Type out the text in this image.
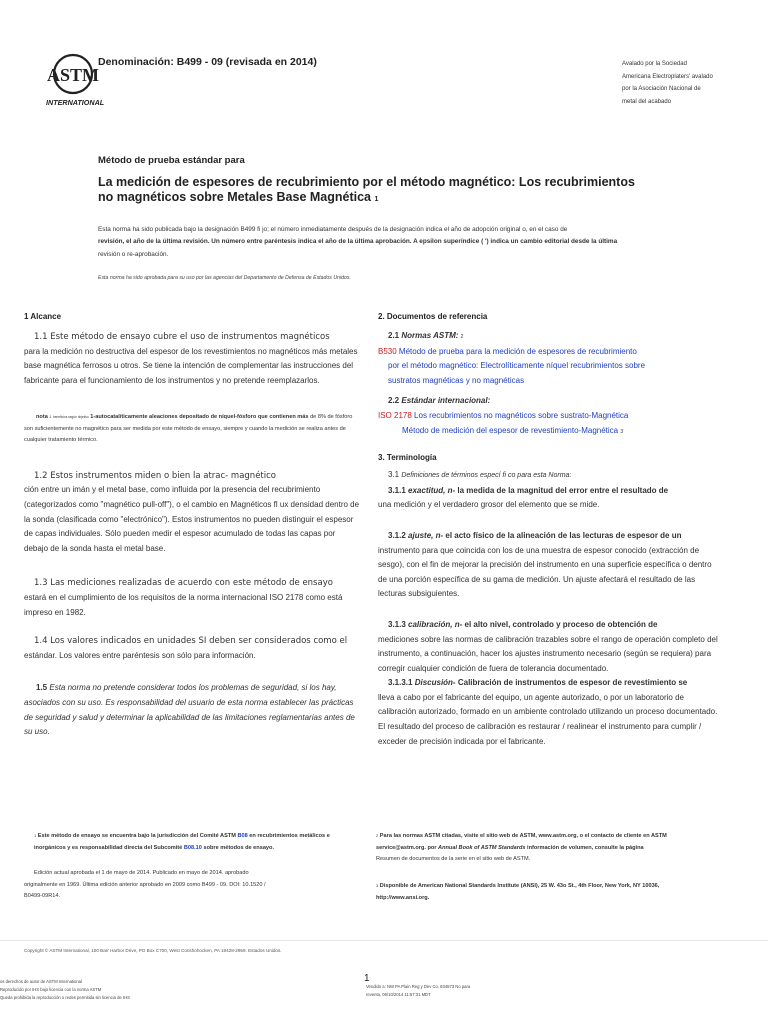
ASTM
INTERNATIONAL
Denominación: B499 - 09 (revisada en 2014)	Avalado por la Sociedad
Americana Electroplaters' avalado
por la Asociación Nacional de
metal del acabado
Método de prueba estándar para
La medición de espesores de recubrimiento por el método magnético: Los recubrimientos no magnéticos sobre Metales Base Magnética 1
Esta norma ha sido publicada bajo la designación B499 fi jo; el número inmediatamente después de la designación indica el año de adopción original o, en el caso de
revisión, el año de la última revisión. Un número entre paréntesis indica el año de la última aprobación. A epsilon superíndice ( ') indica un cambio editorial desde la última
revisión o re-aprobación.
Esta norma ha sido aprobada para su uso por las agencias del Departamento de Defensa de Estados Unidos.
1 Alcance
1.1 Este método de ensayo cubre el uso de instrumentos magnéticos
para la medición no destructiva del espesor de los revestimientos no magnéticos más metales base magnética ferrosos u otros. Se tiene la intención de complementar las instrucciones del fabricante para el funcionamiento de los instrumentos y no pretende reemplazarlos.
nota 1 beneficios según objetivo 1-autocatalíticamente aleaciones depositado de níquel-fósforo que contienen más de 8% de fósforo son suficientemente no magnético para ser medida por este método de ensayo, siempre y cuando la medición se realiza antes de cualquier tratamiento térmico.
1.2 Estos instrumentos miden o bien la atrac- magnético
ción entre un imán y el metal base, como influida por la presencia del recubrimiento (categorizados como "magnético pull-off"), o el cambio en Magnéticos fl ux densidad dentro de la sonda (clasificada como "electrónico"). Estos instrumentos no pueden distinguir el espesor de capas individuales. Sólo pueden medir el espesor acumulado de todas las capas por debajo de la sonda hasta el metal base.
1.3 Las mediciones realizadas de acuerdo con este método de ensayo
estará en el cumplimiento de los requisitos de la norma internacional ISO 2178 como está impreso en 1982.
1.4 Los valores indicados en unidades SI deben ser considerados como el
estándar. Los valores entre paréntesis son sólo para información.
1.5 Esta norma no pretende considerar todos los problemas de seguridad, si los hay, asociados con su uso. Es responsabilidad del usuario de esta norma establecer las prácticas de seguridad y salud y determinar la aplicabilidad de las limitaciones reglamentarias antes de su uso.
2. Documentos de referencia
2.1 Normas ASTM: 2
B530 Método de prueba para la medición de espesores de recubrimiento
por el método magnético: Electrolíticamente níquel recubrimientos sobre
sustratos magnéticas y no magnéticas
2.2 Estándar internacional:
ISO 2178 Los recubrimientos no magnéticos sobre sustrato-Magnética
Método de medición del espesor de revestimiento-Magnética 3
3. Terminología
3.1 Definiciones de términos especí fi co para esta Norma:
3.1.1 exactitud, n- la medida de la magnitud del error entre el resultado de
una medición y el verdadero grosor del elemento que se mide.
3.1.2 ajuste, n- el acto físico de la alineación de las lecturas de espesor de un
instrumento para que coincida con los de una muestra de espesor conocido (extracción de sesgo), con el fin de mejorar la precisión del instrumento en una superficie específica o dentro de una porción específica de su gama de medición. Un ajuste afectará el resultado de las lecturas subsiguientes.
3.1.3 calibración, n- el alto nivel, controlado y proceso de obtención de
mediciones sobre las normas de calibración trazables sobre el rango de operación completo del instrumento, a continuación, hacer los ajustes instrumento necesario (según se requiera) para corregir cualquier condición de fuera de tolerancia documentado.
3.1.3.1 Discusión- Calibración de instrumentos de espesor de revestimiento se
lleva a cabo por el fabricante del equipo, un agente autorizado, o por un laboratorio de calibración autorizado, formado en un ambiente controlado utilizando un proceso documentado. El resultado del proceso de calibración es restaurar / realinear el instrumento para cumplir / exceder de precisión indicada por el fabricante.
1 Este método de ensayo se encuentra bajo la jurisdicción del Comité ASTM B08 en recubrimientos metálicos e inorgánicos y es responsabilidad directa del Subcomité B08.10 sobre métodos de ensayo.
Edición actual aprobada el 1 de mayo de 2014. Publicado en mayo de 2014. aprobado originalmente en 1969. Última edición anterior aprobado en 2009 como B499 - 09. DOI: 10.1520 / B0499-09R14.
2 Para las normas ASTM citadas, visite el sitio web de ASTM, www.astm.org, o el contacto de cliente en ASTM service@astm.org. por Annual Book of ASTM Standards información de volumen, consulte la página
Resumen de documentos de la serie en el sitio web de ASTM.
3 Disponible de American National Standards Institute (ANSI), 25 W. 43o St., 4th Floor, New York, NY 10036, http://www.ansi.org.
Copyright © ASTM International, 100 Barr Harbor Drive, PO Box C700, West Conshohocken, PA 19428-2959. Estados Unidos.
1
os derechos de autor de ASTM International
Reproducido por IHS bajo licencia con la norma ASTM
Queda prohibida la reproducción o redes permitida sin licencia de IHS
Vendido a: NW PA Plain Reg y Dev Co, 834573 No para
reventa, 06/10/2014 11:57:31 MDT
